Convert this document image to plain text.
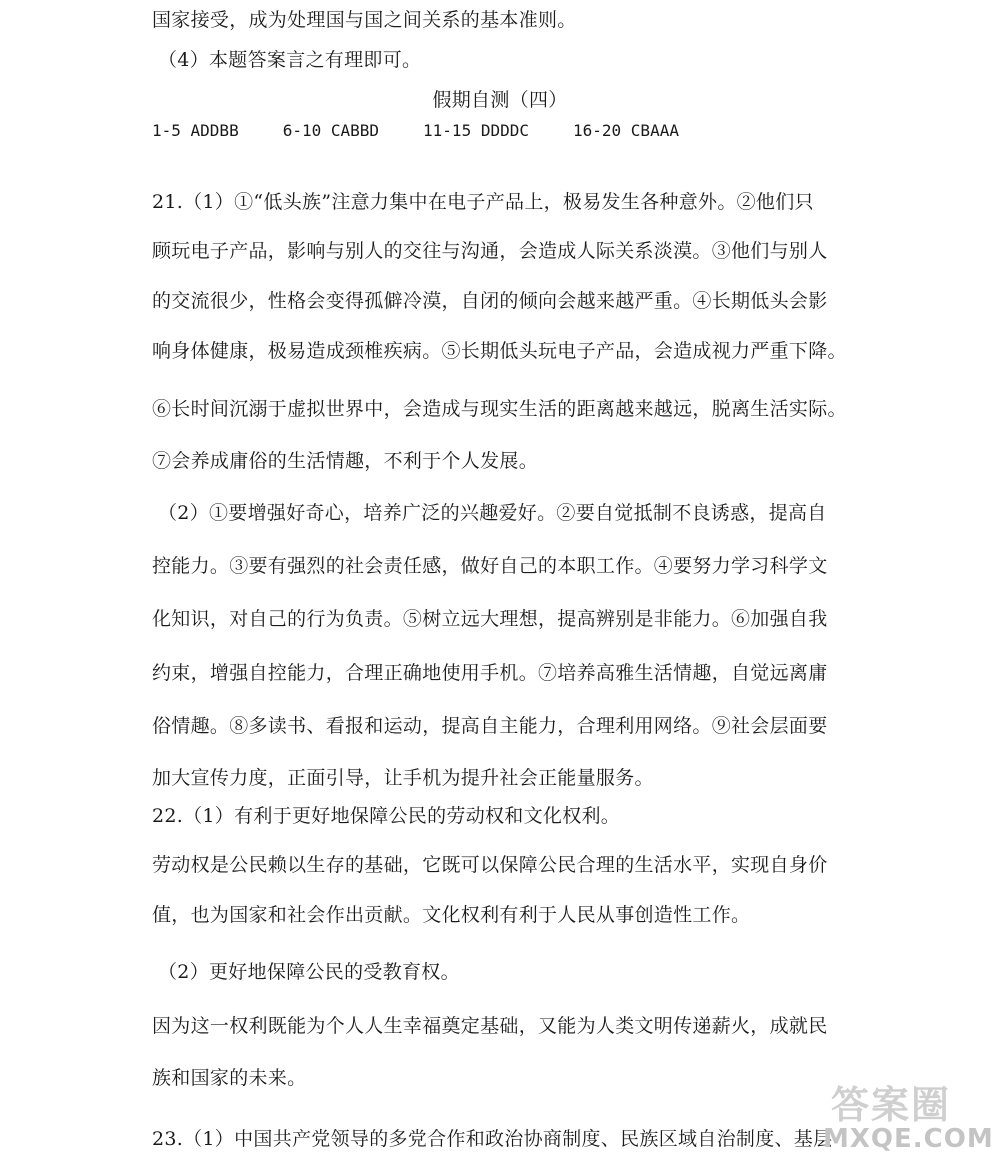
国家接受，成为处理国与国之间关系的基本准则。
（4）本题答案言之有理即可。
假期自测（四）
1-5 ADDBB	6-10 CABBD	11-15 DDDDC	16-20 CBAAA
21.（1）①“低头族”注意力集中在电子产品上，极易发生各种意外。②他们只
顾玩电子产品，影响与别人的交往与沟通，会造成人际关系淡漠。③他们与别人
的交流很少，性格会变得孤僻冷漠，自闭的倾向会越来越严重。④长期低头会影
响身体健康，极易造成颈椎疾病。⑤长期低头玩电子产品，会造成视力严重下降。
⑥长时间沉溺于虚拟世界中，会造成与现实生活的距离越来越远，脱离生活实际。
⑦会养成庸俗的生活情趣，不利于个人发展。
（2）①要增强好奇心，培养广泛的兴趣爱好。②要自觉抵制不良诱惑，提高自
控能力。③要有强烈的社会责任感，做好自己的本职工作。④要努力学习科学文
化知识，对自己的行为负责。⑤树立远大理想，提高辨别是非能力。⑥加强自我
约束，增强自控能力，合理正确地使用手机。⑦培养高雅生活情趣，自觉远离庸
俗情趣。⑧多读书、看报和运动，提高自主能力，合理利用网络。⑨社会层面要
加大宣传力度，正面引导，让手机为提升社会正能量服务。
22.（1）有利于更好地保障公民的劳动权和文化权利。
劳动权是公民赖以生存的基础，它既可以保障公民合理的生活水平，实现自身价
值，也为国家和社会作出贡献。文化权利有利于人民从事创造性工作。
（2）更好地保障公民的受教育权。
因为这一权利既能为个人人生幸福奠定基础，又能为人类文明传递薪火，成就民
族和国家的未来。
23.（1）中国共产党领导的多党合作和政治协商制度、民族区域自治制度、基层
答案圈
MXQE.COM
